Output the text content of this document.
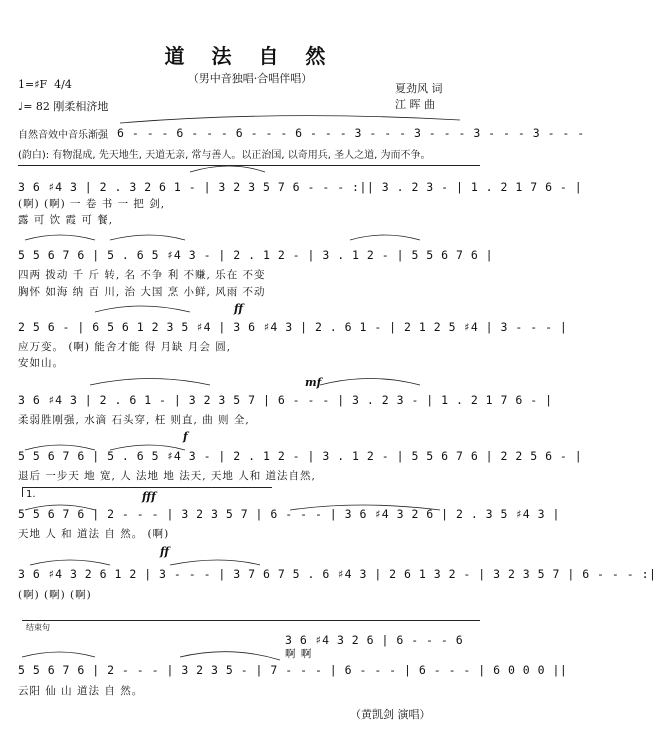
道 法 自 然
（男中音独唱·合唱伴唱）
1=♯F 4/4
♩= 82 刚柔相济地
夏劲风 词
江 晖 曲
自然音效中音乐渐强 6 - - - 6 - - - 6 - - - 6 - - - 3 - - - 3 - - - 3 - - - 3 - - -
(韵白): 有物混成, 先天地生, 天道无亲, 常与善人。以正治国, 以奇用兵, 圣人之道, 为而不争。
3 6 ♯4 3 | 2 . 3 2 6 1 - | 3 2 3 5 7 6 - - - :|| 3 . 2 3 - | 1 . 2 1 7 6 - |
(啊) (啊) 一 卷 书 一 把 剑,
露 可 饮 霞 可 餐,
5 5 6 7 6 | 5 . 6 5 ♯4 3 - | 2 . 1 2 - | 3 . 1 2 - | 5 5 6 7 6 |
四两 拨动 千 斤 转, 名 不争 利 不赚, 乐在 不变
胸怀 如海 纳 百 川, 治 大国 烹 小鲜, 风雨 不动
ff
2 5 6 - | 6 5 6 1 2 3 5 ♯4 | 3 6 ♯4 3 | 2 . 6 1 - | 2 1 2 5 ♯4 | 3 - - - |
应万变。 (啊) 能舍才能 得 月缺 月会 圆,
安如山。
mf
3 6 ♯4 3 | 2 . 6 1 - | 3 2 3 5 7 | 6 - - - | 3 . 2 3 - | 1 . 2 1 7 6 - |
柔弱胜刚强, 水滴 石头穿, 枉 则直, 曲 则 全,
f
5 5 6 7 6 | 5 . 6 5 ♯4 3 - | 2 . 1 2 - | 3 . 1 2 - | 5 5 6 7 6 | 2 2 5 6 - |
退后 一步天 地 宽, 人 法地 地 法天, 天地 人和 道法自然,
1.	fff
5 5 6 7 6 | 2 - - - | 3 2 3 5 7 | 6 - - - | 3 6 ♯4 3 2 6 | 2 . 3 5 ♯4 3 |
天地 人 和 道法 自 然。 (啊)
ff
3 6 ♯4 3 2 6 1 2 | 3 - - - | 3 7 6 7 5 . 6 ♯4 3 | 2 6 1 3 2 - | 3 2 3 5 7 | 6 - - - :|
(啊) (啊) (啊)
结束句
3 6 ♯4 3 2 6 | 6 - - - 6
啊 啊
5 5 6 7 6 | 2 - - - | 3 2 3 5 - | 7 - - - | 6 - - - | 6 - - - | 6 0 0 0 ||
云阳 仙 山 道法 自 然。
（黄凯剑 演唱）
